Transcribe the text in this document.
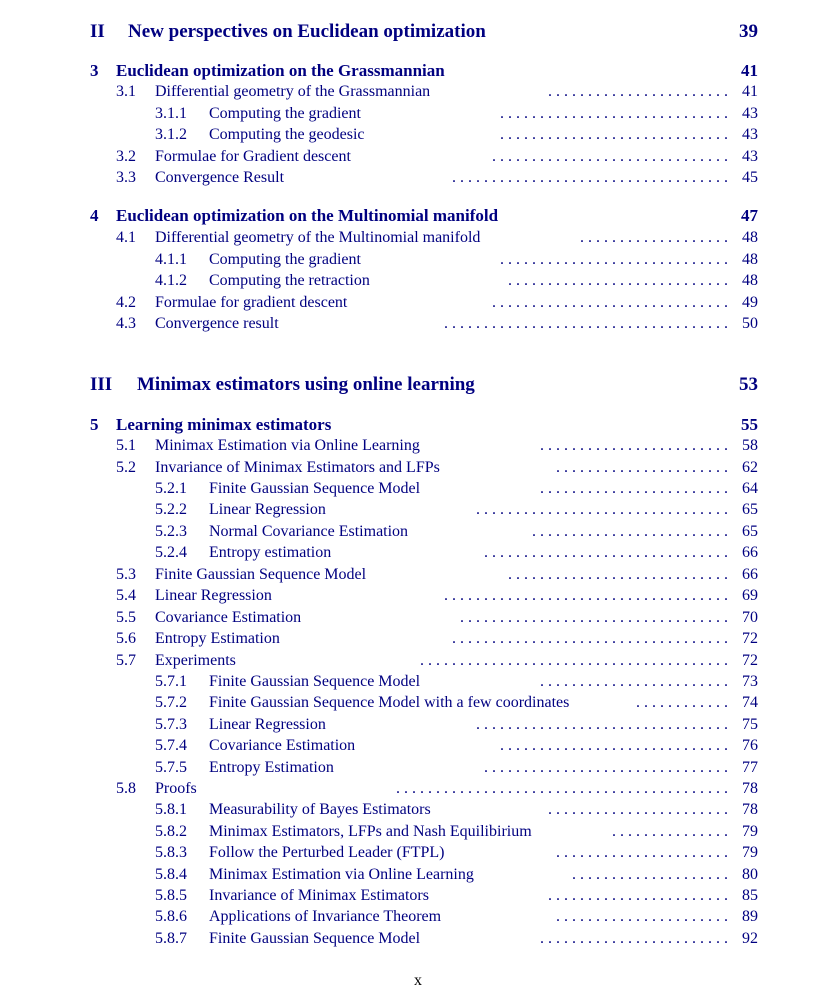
II New perspectives on Euclidean optimization	39
3 Euclidean optimization on the Grassmannian	41
3.1 Differential geometry of the Grassmannian	. . . . . . . . . . . . . . . . . . . . . . . 41
3.1.1 Computing the gradient	. . . . . . . . . . . . . . . . . . . . . . . . . . . . . 43
3.1.2 Computing the geodesic	. . . . . . . . . . . . . . . . . . . . . . . . . . . . . 43
3.2 Formulae for Gradient descent	. . . . . . . . . . . . . . . . . . . . . . . . . . . . . . 43
3.3 Convergence Result	. . . . . . . . . . . . . . . . . . . . . . . . . . . . . . . . . . . 45
4 Euclidean optimization on the Multinomial manifold	47
4.1 Differential geometry of the Multinomial manifold	. . . . . . . . . . . . . . . . . . . 48
4.1.1 Computing the gradient	. . . . . . . . . . . . . . . . . . . . . . . . . . . . . 48
4.1.2 Computing the retraction	. . . . . . . . . . . . . . . . . . . . . . . . . . . . 48
4.2 Formulae for gradient descent	. . . . . . . . . . . . . . . . . . . . . . . . . . . . . . 49
4.3 Convergence result	. . . . . . . . . . . . . . . . . . . . . . . . . . . . . . . . . . . . 50
III Minimax estimators using online learning	53
5 Learning minimax estimators	55
5.1 Minimax Estimation via Online Learning	. . . . . . . . . . . . . . . . . . . . . . . . 58
5.2 Invariance of Minimax Estimators and LFPs	. . . . . . . . . . . . . . . . . . . . . . 62
5.2.1 Finite Gaussian Sequence Model	. . . . . . . . . . . . . . . . . . . . . . . . 64
5.2.2 Linear Regression	. . . . . . . . . . . . . . . . . . . . . . . . . . . . . . . . 65
5.2.3 Normal Covariance Estimation	. . . . . . . . . . . . . . . . . . . . . . . . . 65
5.2.4 Entropy estimation	. . . . . . . . . . . . . . . . . . . . . . . . . . . . . . . 66
5.3 Finite Gaussian Sequence Model	. . . . . . . . . . . . . . . . . . . . . . . . . . . . 66
5.4 Linear Regression	. . . . . . . . . . . . . . . . . . . . . . . . . . . . . . . . . . . . 69
5.5 Covariance Estimation	. . . . . . . . . . . . . . . . . . . . . . . . . . . . . . . . . . 70
5.6 Entropy Estimation	. . . . . . . . . . . . . . . . . . . . . . . . . . . . . . . . . . . 72
5.7 Experiments	. . . . . . . . . . . . . . . . . . . . . . . . . . . . . . . . . . . . . . . 72
5.7.1 Finite Gaussian Sequence Model	. . . . . . . . . . . . . . . . . . . . . . . . 73
5.7.2 Finite Gaussian Sequence Model with a few coordinates	. . . . . . . . . . . . 74
5.7.3 Linear Regression	. . . . . . . . . . . . . . . . . . . . . . . . . . . . . . . . 75
5.7.4 Covariance Estimation	. . . . . . . . . . . . . . . . . . . . . . . . . . . . . 76
5.7.5 Entropy Estimation	. . . . . . . . . . . . . . . . . . . . . . . . . . . . . . . 77
5.8 Proofs	. . . . . . . . . . . . . . . . . . . . . . . . . . . . . . . . . . . . . . . . . . 78
5.8.1 Measurability of Bayes Estimators	. . . . . . . . . . . . . . . . . . . . . . . 78
5.8.2 Minimax Estimators, LFPs and Nash Equilibirium	. . . . . . . . . . . . . . . 79
5.8.3 Follow the Perturbed Leader (FTPL)	. . . . . . . . . . . . . . . . . . . . . . 79
5.8.4 Minimax Estimation via Online Learning	. . . . . . . . . . . . . . . . . . . . 80
5.8.5 Invariance of Minimax Estimators	. . . . . . . . . . . . . . . . . . . . . . . 85
5.8.6 Applications of Invariance Theorem	. . . . . . . . . . . . . . . . . . . . . . 89
5.8.7 Finite Gaussian Sequence Model	. . . . . . . . . . . . . . . . . . . . . . . . 92
x
